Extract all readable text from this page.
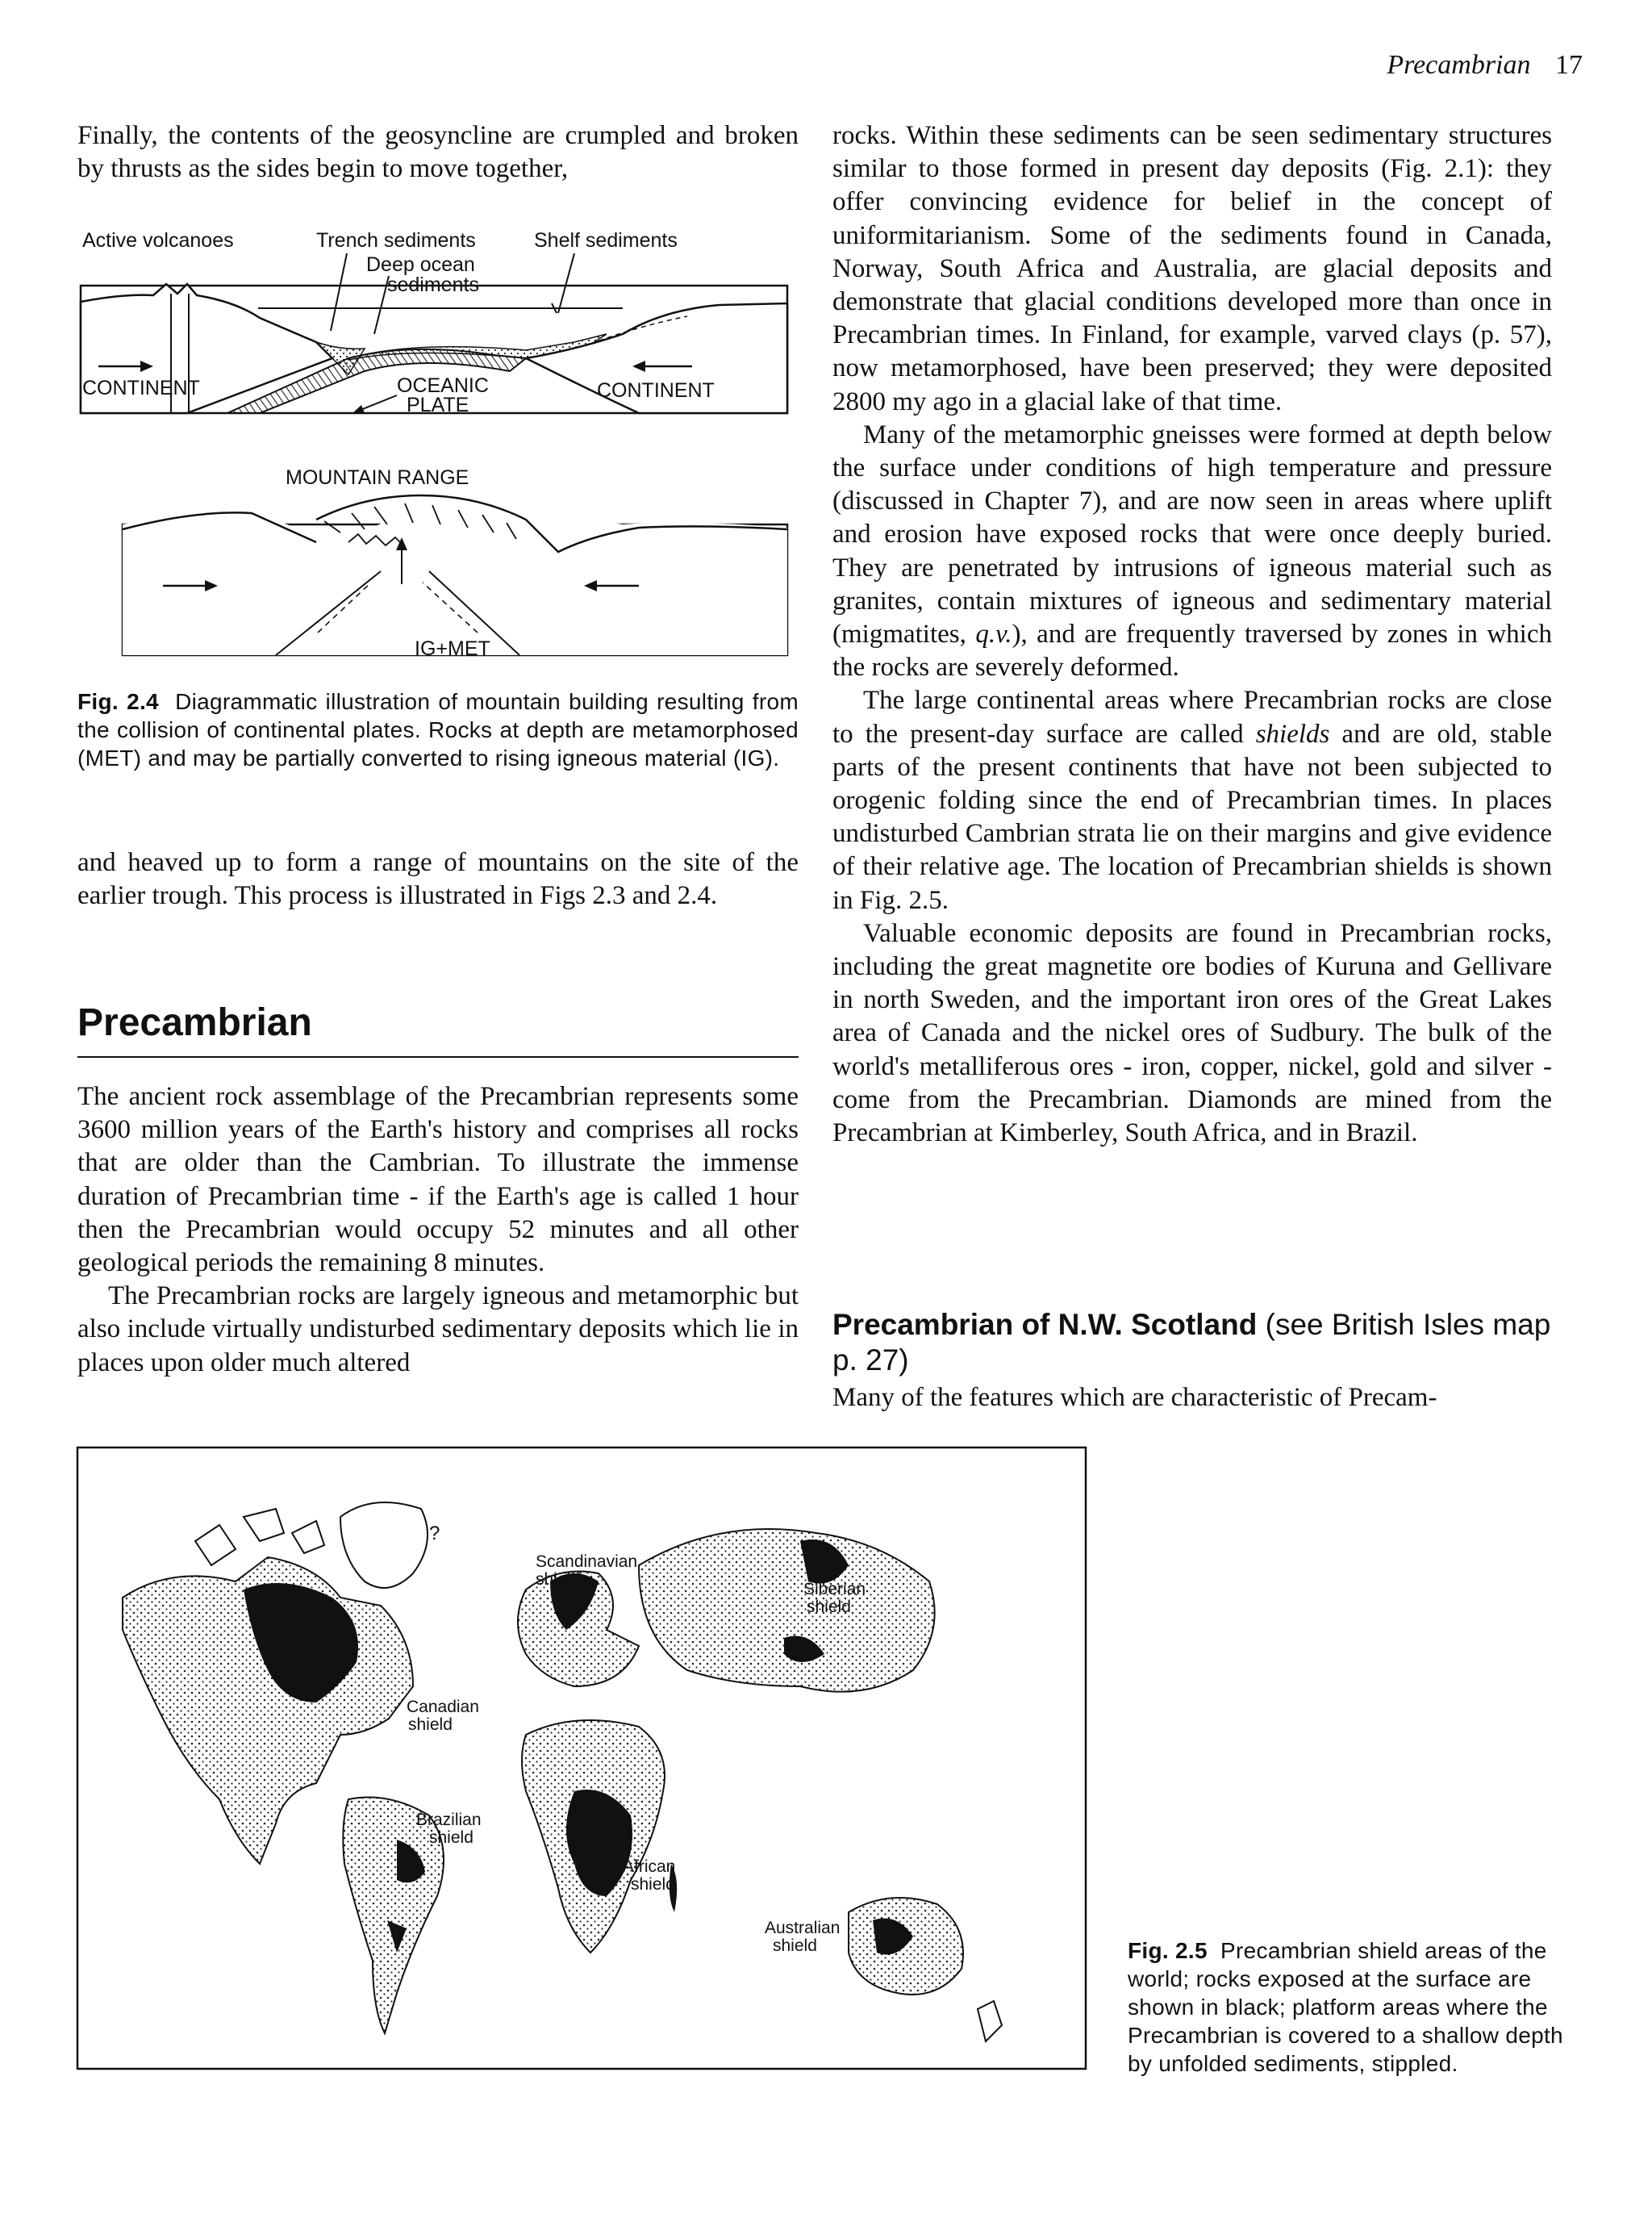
Precambrian 17

Finally, the contents of the geosyncline are crumpled and broken by thrusts as the sides begin to move together,

Active volcanoes	Trench sediments	Shelf sediments
Deep ocean
sediments
CONTINENT	CONTINENT
OCEANIC
PLATE
MOUNTAIN RANGE
IG+MET
Fig. 2.4 Diagrammatic illustration of mountain building resulting from the collision of continental plates. Rocks at depth are metamorphosed (MET) and may be partially converted to rising igneous material (IG).

and heaved up to form a range of mountains on the site of the earlier trough. This process is illustrated in Figs 2.3 and 2.4.

Precambrian

The ancient rock assemblage of the Precambrian represents some 3600 million years of the Earth's history and comprises all rocks that are older than the Cambrian. To illustrate the immense duration of Precambrian time - if the Earth's age is called 1 hour then the Precambrian would occupy 52 minutes and all other geological periods the remaining 8 minutes.

The Precambrian rocks are largely igneous and metamorphic but also include virtually undisturbed sedimentary deposits which lie in places upon older much altered

rocks. Within these sediments can be seen sedimentary structures similar to those formed in present day deposits (Fig. 2.1): they offer convincing evidence for belief in the concept of uniformitarianism. Some of the sediments found in Canada, Norway, South Africa and Australia, are glacial deposits and demonstrate that glacial conditions developed more than once in Precambrian times. In Finland, for example, varved clays (p. 57), now metamorphosed, have been preserved; they were deposited 2800 my ago in a glacial lake of that time.

Many of the metamorphic gneisses were formed at depth below the surface under conditions of high temperature and pressure (discussed in Chapter 7), and are now seen in areas where uplift and erosion have exposed rocks that were once deeply buried. They are penetrated by intrusions of igneous material such as granites, contain mixtures of igneous and sedimentary material (migmatites, q.v.), and are frequently traversed by zones in which the rocks are severely deformed.

The large continental areas where Precambrian rocks are close to the present-day surface are called shields and are old, stable parts of the present continents that have not been subjected to orogenic folding since the end of Precambrian times. In places undisturbed Cambrian strata lie on their margins and give evidence of their relative age. The location of Precambrian shields is shown in Fig. 2.5.

Valuable economic deposits are found in Precambrian rocks, including the great magnetite ore bodies of Kuruna and Gellivare in north Sweden, and the important iron ores of the Great Lakes area of Canada and the nickel ores of Sudbury. The bulk of the world's metalliferous ores - iron, copper, nickel, gold and silver - come from the Precambrian. Diamonds are mined from the Precambrian at Kimberley, South Africa, and in Brazil.

Precambrian of N.W. Scotland (see British Isles map p. 27)

Many of the features which are characteristic of Precam-

?
Canadian
shield
Brazilian
shield
Scandinavian
shield
Siberian
shield
African
shield
Australian
shield	Fig. 2.5 Precambrian shield areas of the world; rocks exposed at the surface are shown in black; platform areas where the Precambrian is covered to a shallow depth by unfolded sediments, stippled.
